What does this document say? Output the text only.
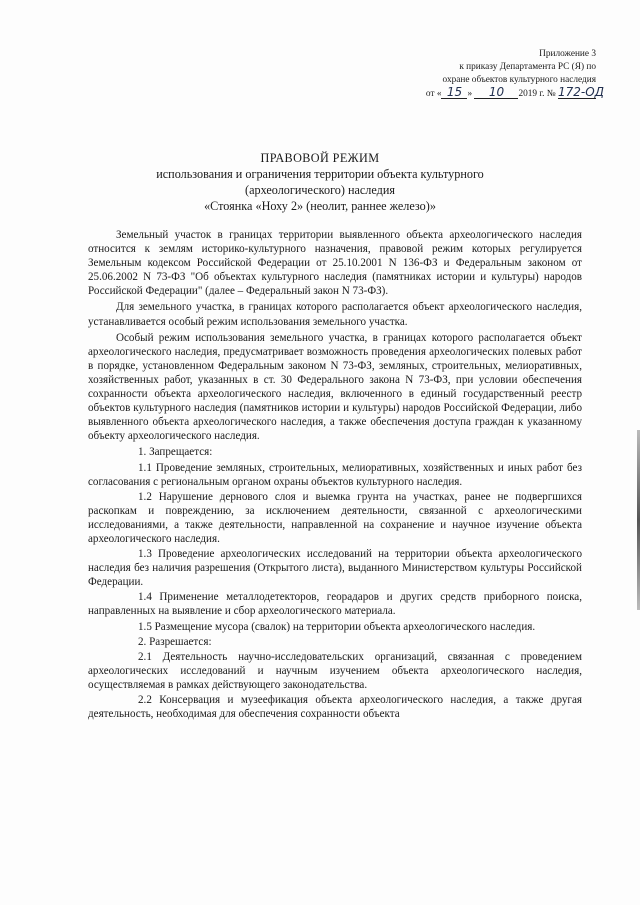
Приложение 3
к приказу Департамента РС (Я) по
охране объектов культурного наследия
от « 15 »
	10	2019 г. №
172-ОД
ПРАВОВОЙ РЕЖИМ
использования и ограничения территории объекта культурного
(археологического) наследия
«Стоянка «Ноху 2» (неолит, раннее железо)»

Земельный участок в границах территории выявленного объекта археологического наследия относится к землям историко-культурного назначения, правовой режим которых регулируется Земельным кодексом Российской Федерации от 25.10.2001 N 136-ФЗ и Федеральным законом от 25.06.2002 N 73-ФЗ "Об объектах культурного наследия (памятниках истории и культуры) народов Российской Федерации" (далее – Федеральный закон N 73-ФЗ).

Для земельного участка, в границах которого располагается объект археологического наследия, устанавливается особый режим использования земельного участка.

Особый режим использования земельного участка, в границах которого располагается объект археологического наследия, предусматривает возможность проведения археологических полевых работ в порядке, установленном Федеральным законом N 73-ФЗ, земляных, строительных, мелиоративных, хозяйственных работ, указанных в ст. 30 Федерального закона N 73-ФЗ, при условии обеспечения сохранности объекта археологического наследия, включенного в единый государственный реестр объектов культурного наследия (памятников истории и культуры) народов Российской Федерации, либо выявленного объекта археологического наследия, а также обеспечения доступа граждан к указанному объекту археологического наследия.

1. Запрещается:

1.1 Проведение земляных, строительных, мелиоративных, хозяйственных и иных работ без согласования с региональным органом охраны объектов культурного наследия.

1.2 Нарушение дернового слоя и выемка грунта на участках, ранее не подвергшихся раскопкам и повреждению, за исключением деятельности, связанной с археологическими исследованиями, а также деятельности, направленной на сохранение и научное изучение объекта археологического наследия.

1.3 Проведение археологических исследований на территории объекта археологического наследия без наличия разрешения (Открытого листа), выданного Министерством культуры Российской Федерации.

1.4 Применение металлодетекторов, георадаров и других средств приборного поиска, направленных на выявление и сбор археологического материала.

1.5 Размещение мусора (свалок) на территории объекта археологического наследия.

2. Разрешается:

2.1 Деятельность научно-исследовательских организаций, связанная с проведением археологических исследований и научным изучением объекта археологического наследия, осуществляемая в рамках действующего законодательства.

2.2 Консервация и музеефикация объекта археологического наследия, а также другая деятельность, необходимая для обеспечения сохранности объекта
